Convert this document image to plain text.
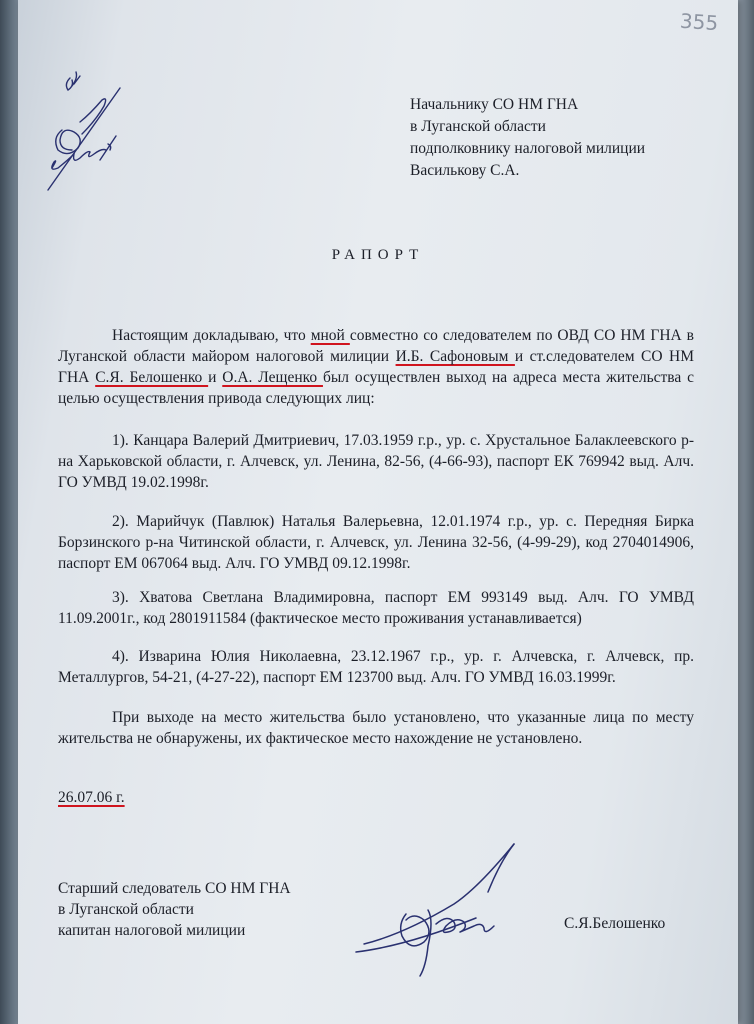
355
Начальнику СО НМ ГНА
в Луганской области
подполковнику налоговой милиции
Василькову С.А.
РАПОРТ
Настоящим докладываю, что мной совместно со следователем по ОВД СО НМ ГНА в Луганской области майором налоговой милиции И.Б. Сафоновым и ст.следователем СО НМ ГНА С.Я. Белошенко и О.А. Лещенко был осуществлен выход на адреса места жительства с целью осуществления привода следующих лиц:
1). Канцара Валерий Дмитриевич, 17.03.1959 г.р., ур. с. Хрустальное Балаклеевского р-на Харьковской области, г. Алчевск, ул. Ленина, 82-56, (4-66-93), паспорт ЕК 769942 выд. Алч. ГО УМВД 19.02.1998г.
2). Марийчук (Павлюк) Наталья Валерьевна, 12.01.1974 г.р., ур. с. Передняя Бирка Борзинского р-на Читинской области, г. Алчевск, ул. Ленина 32-56, (4-99-29), код 2704014906, паспорт ЕМ 067064 выд. Алч. ГО УМВД 09.12.1998г.
3). Хватова Светлана Владимировна, паспорт ЕМ 993149 выд. Алч. ГО УМВД 11.09.2001г., код 2801911584 (фактическое место проживания устанавливается)
4). Изварина Юлия Николаевна, 23.12.1967 г.р., ур. г. Алчевска, г. Алчевск, пр. Металлургов, 54-21, (4-27-22), паспорт ЕМ 123700 выд. Алч. ГО УМВД 16.03.1999г.
При выходе на место жительства было установлено, что указанные лица по месту жительства не обнаружены, их фактическое место нахождение не установлено.
26.07.06 г.
Старший следователь СО НМ ГНА
в Луганской области
капитан налоговой милиции	С.Я.Белошенко
